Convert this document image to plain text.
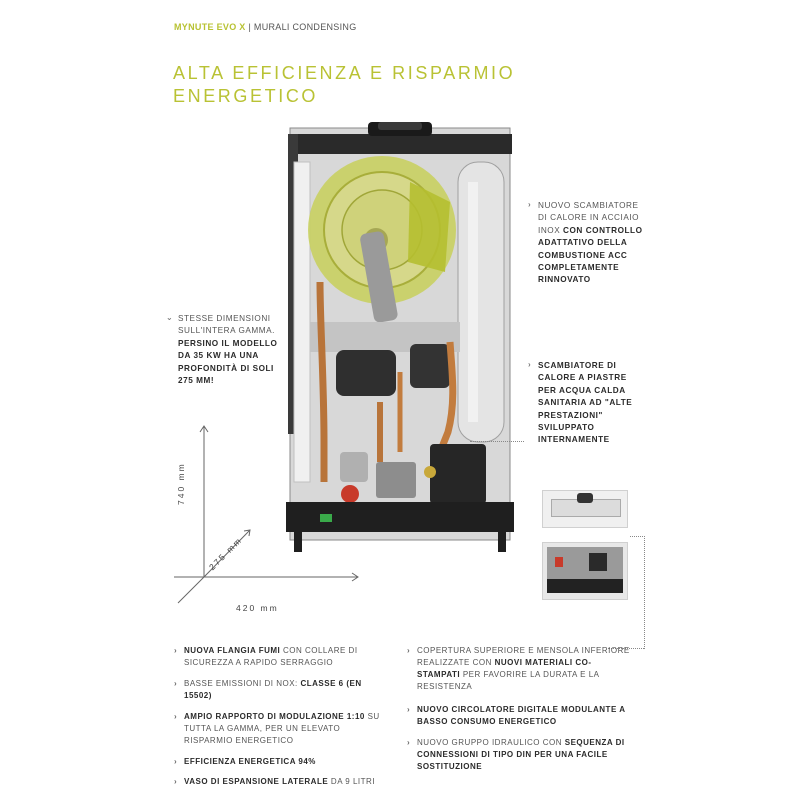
MYNUTE EVO X | MURALI CONDENSING
ALTA EFFICIENZA E RISPARMIO
ENERGETICO
⌄ STESSE DIMENSIONI SULL'INTERA GAMMA. PERSINO IL MODELLO DA 35 KW HA UNA PROFONDITÀ DI SOLI 275 MM!
› NUOVO SCAMBIATORE DI CALORE IN ACCIAIO INOX CON CONTROLLO ADATTATIVO DELLA COMBUSTIONE ACC COMPLETAMENTE RINNOVATO
› SCAMBIATORE DI CALORE A PIASTRE PER ACQUA CALDA SANITARIA AD "ALTE PRESTAZIONI" SVILUPPATO INTERNAMENTE
740 mm
275 mm
420 mm
› NUOVA FLANGIA FUMI CON COLLARE DI SICUREZZA A RAPIDO SERRAGGIO
› BASSE EMISSIONI DI NOX: CLASSE 6 (EN 15502)
› AMPIO RAPPORTO DI MODULAZIONE 1:10 SU TUTTA LA GAMMA, PER UN ELEVATO RISPARMIO ENERGETICO
› EFFICIENZA ENERGETICA 94%
› VASO DI ESPANSIONE LATERALE DA 9 LITRI
› COPERTURA SUPERIORE E MENSOLA INFERIORE REALIZZATE CON NUOVI MATERIALI CO-STAMPATI PER FAVORIRE LA DURATA E LA RESISTENZA
› NUOVO CIRCOLATORE DIGITALE MODULANTE A BASSO CONSUMO ENERGETICO
› NUOVO GRUPPO IDRAULICO CON SEQUENZA DI CONNESSIONI DI TIPO DIN PER UNA FACILE SOSTITUZIONE
